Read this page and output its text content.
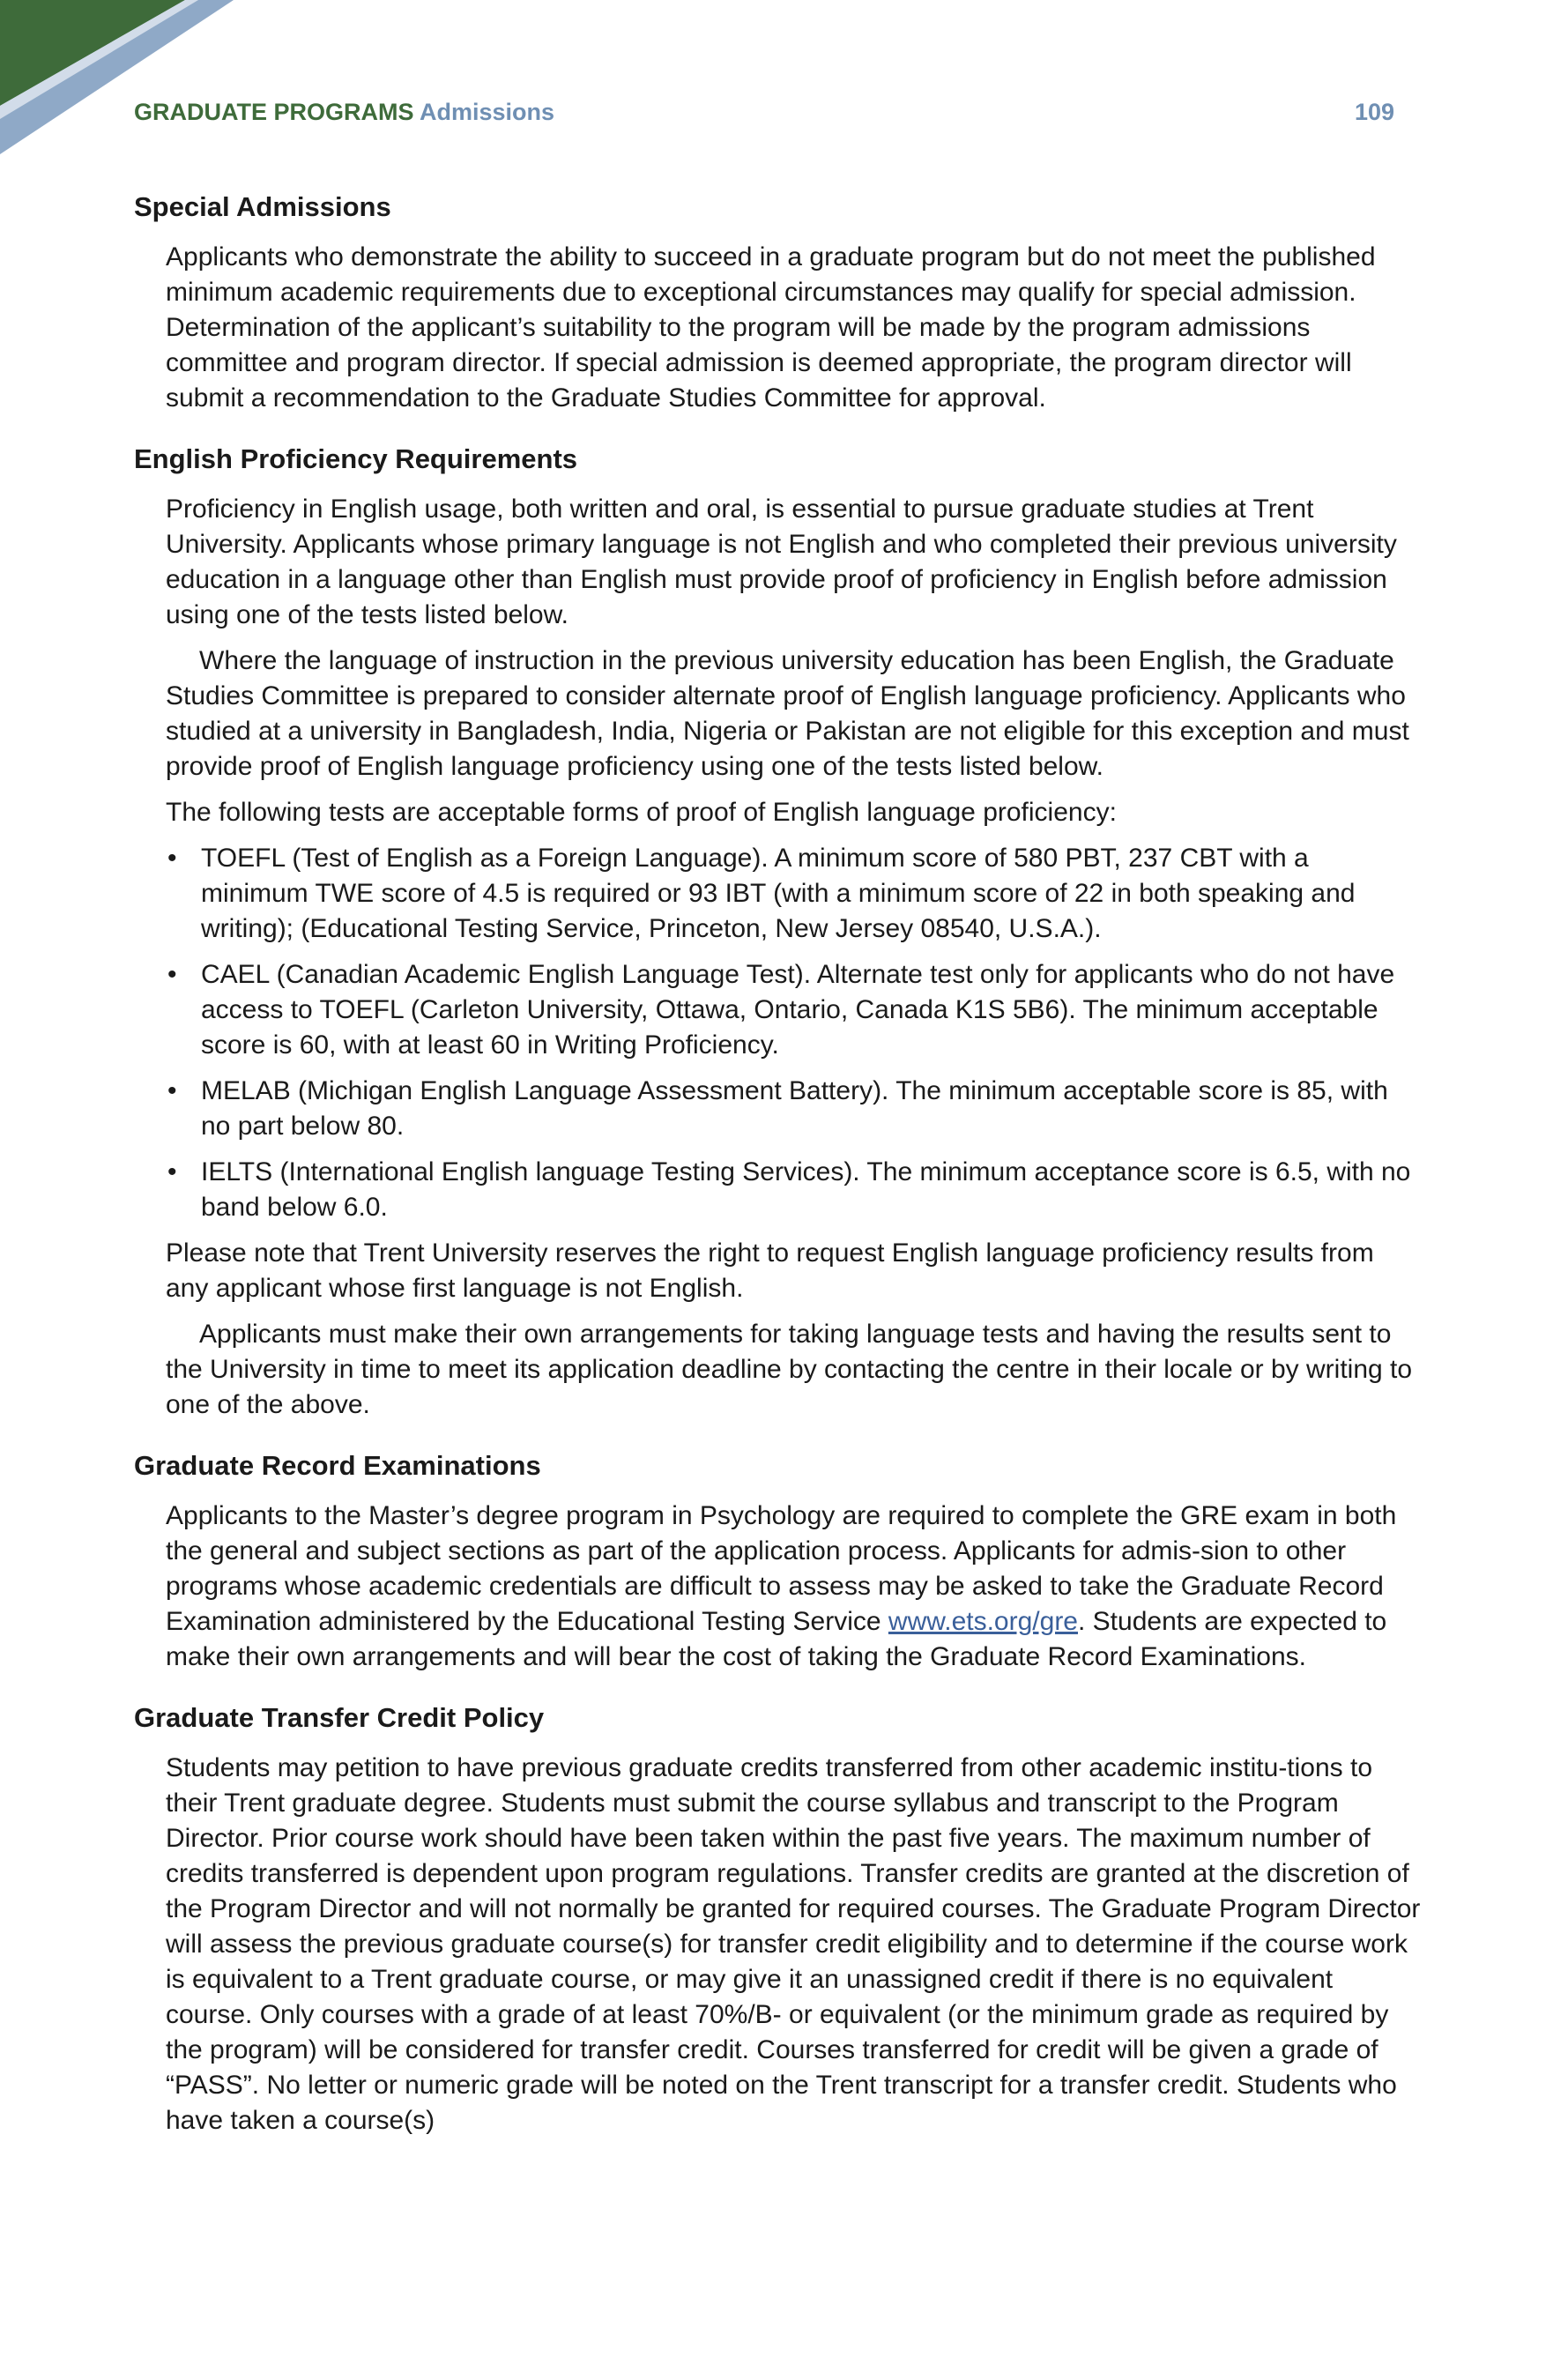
GRADUATE PROGRAMS Admissions	109
Special Admissions

Applicants who demonstrate the ability to succeed in a graduate program but do not meet the published minimum academic requirements due to exceptional circumstances may qualify for special admission. Determination of the applicant’s suitability to the program will be made by the program admissions committee and program director. If special admission is deemed appropriate, the program director will submit a recommendation to the Graduate Studies Committee for approval.

English Proficiency Requirements

Proficiency in English usage, both written and oral, is essential to pursue graduate studies at Trent University. Applicants whose primary language is not English and who completed their previous university education in a language other than English must provide proof of proficiency in English before admission using one of the tests listed below.

Where the language of instruction in the previous university education has been English, the Graduate Studies Committee is prepared to consider alternate proof of English language proficiency. Applicants who studied at a university in Bangladesh, India, Nigeria or Pakistan are not eligible for this exception and must provide proof of English language proficiency using one of the tests listed below.

The following tests are acceptable forms of proof of English language proficiency:

• TOEFL (Test of English as a Foreign Language). A minimum score of 580 PBT, 237 CBT with a minimum TWE score of 4.5 is required or 93 IBT (with a minimum score of 22 in both speaking and writing); (Educational Testing Service, Princeton, New Jersey 08540, U.S.A.).
• CAEL (Canadian Academic English Language Test). Alternate test only for applicants who do not have access to TOEFL (Carleton University, Ottawa, Ontario, Canada K1S 5B6). The minimum acceptable score is 60, with at least 60 in Writing Proficiency.
• MELAB (Michigan English Language Assessment Battery). The minimum acceptable score is 85, with no part below 80.
• IELTS (International English language Testing Services). The minimum acceptance score is 6.5, with no band below 6.0.

Please note that Trent University reserves the right to request English language proficiency results from any applicant whose first language is not English.

Applicants must make their own arrangements for taking language tests and having the results sent to the University in time to meet its application deadline by contacting the centre in their locale or by writing to one of the above.

Graduate Record Examinations

Applicants to the Master’s degree program in Psychology are required to complete the GRE exam in both the general and subject sections as part of the application process. Applicants for admis-sion to other programs whose academic credentials are difficult to assess may be asked to take the Graduate Record Examination administered by the Educational Testing Service www.ets.org/gre. Students are expected to make their own arrangements and will bear the cost of taking the Graduate Record Examinations.

Graduate Transfer Credit Policy

Students may petition to have previous graduate credits transferred from other academic institu-tions to their Trent graduate degree. Students must submit the course syllabus and transcript to the Program Director. Prior course work should have been taken within the past five years. The maximum number of credits transferred is dependent upon program regulations. Transfer credits are granted at the discretion of the Program Director and will not normally be granted for required courses. The Graduate Program Director will assess the previous graduate course(s) for transfer credit eligibility and to determine if the course work is equivalent to a Trent graduate course, or may give it an unassigned credit if there is no equivalent course. Only courses with a grade of at least 70%/B- or equivalent (or the minimum grade as required by the program) will be considered for transfer credit. Courses transferred for credit will be given a grade of “PASS”. No letter or numeric grade will be noted on the Trent transcript for a transfer credit. Students who have taken a course(s)
